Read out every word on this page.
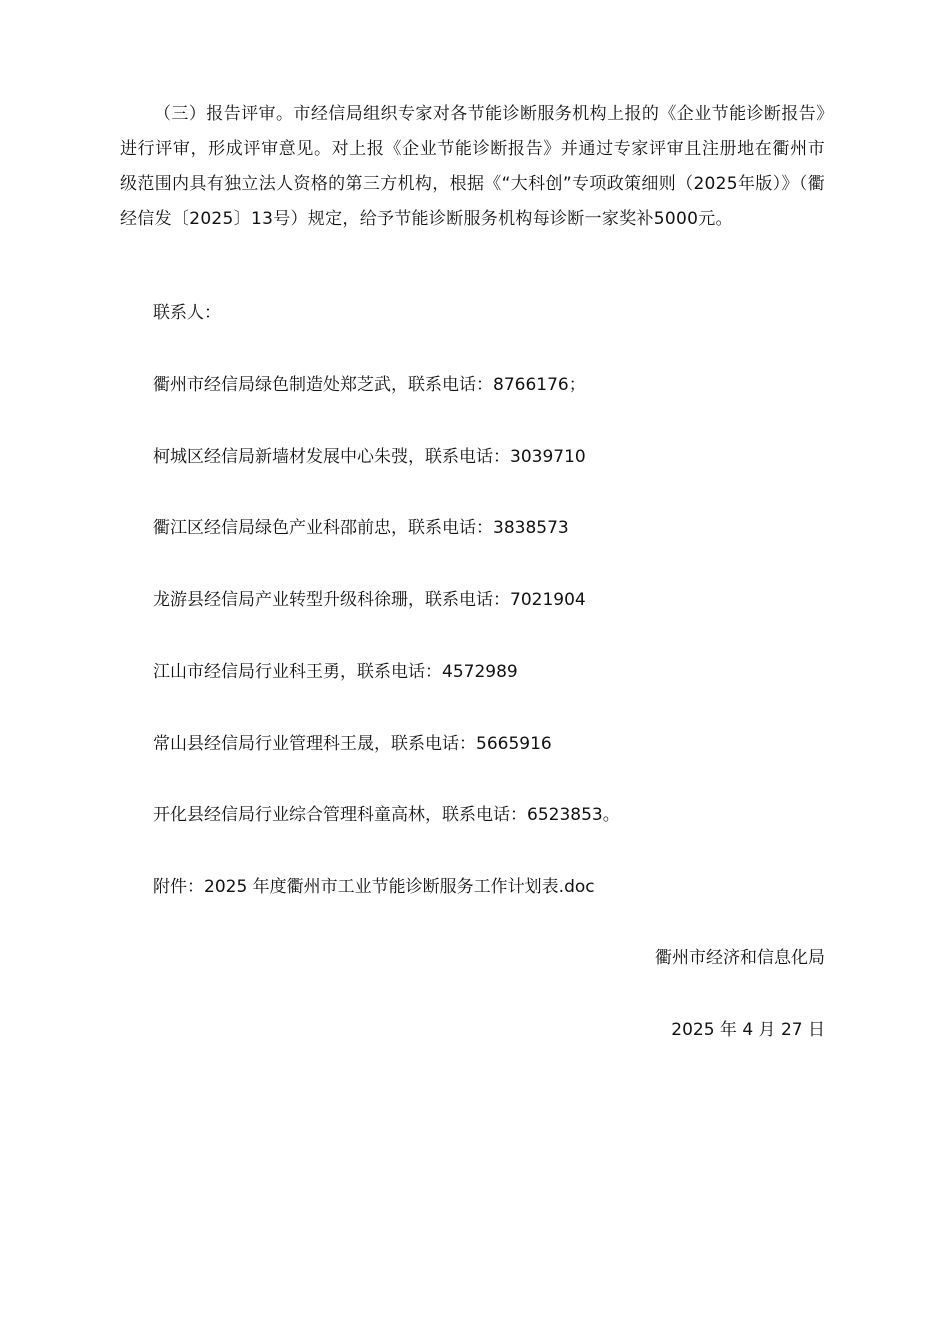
（三）报告评审。市经信局组织专家对各节能诊断服务机构上报的《企业节能诊断报告》进行评审，形成评审意见。对上报《企业节能诊断报告》并通过专家评审且注册地在衢州市级范围内具有独立法人资格的第三方机构，根据《“大科创”专项政策细则（2025年版）》（衢经信发〔2025〕13号）规定，给予节能诊断服务机构每诊断一家奖补5000元。

联系人：

衢州市经信局绿色制造处郑芝武，联系电话：8766176；

柯城区经信局新墙材发展中心朱弢，联系电话：3039710

衢江区经信局绿色产业科邵前忠，联系电话：3838573

龙游县经信局产业转型升级科徐珊，联系电话：7021904

江山市经信局行业科王勇，联系电话：4572989

常山县经信局行业管理科王晟，联系电话：5665916

开化县经信局行业综合管理科童高林，联系电话：6523853。

附件：2025 年度衢州市工业节能诊断服务工作计划表.doc

衢州市经济和信息化局

2025 年 4 月 27 日
